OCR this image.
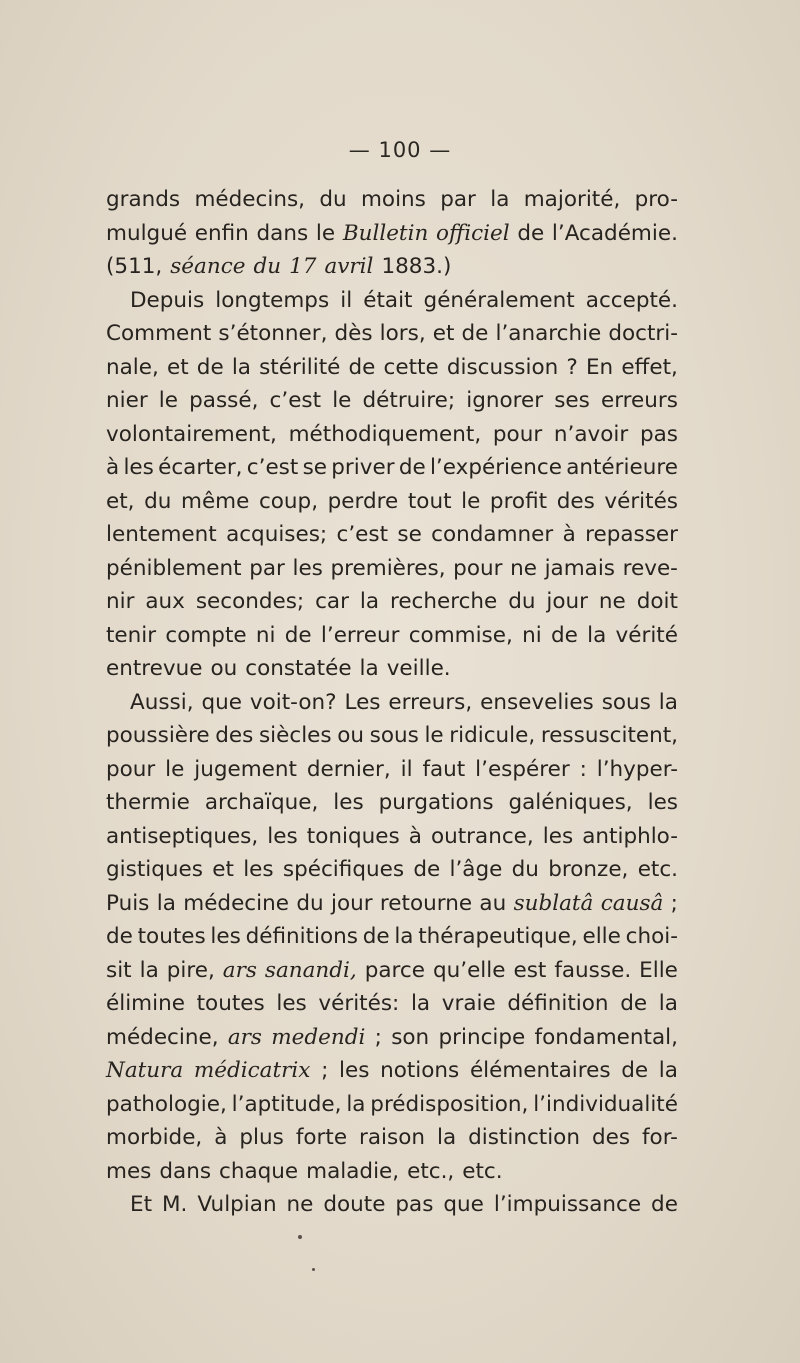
— 100 —
grands médecins, du moins par la majorité, pro-
mulgué enfin dans le Bulletin officiel de l’Académie.
(511, séance du 17 avril 1883.)
Depuis longtemps il était généralement accepté.
Comment s’étonner, dès lors, et de l’anarchie doctri-
nale, et de la stérilité de cette discussion ? En effet,
nier le passé, c’est le détruire; ignorer ses erreurs
volontairement, méthodiquement, pour n’avoir pas
à les écarter, c’est se priver de l’expérience antérieure
et, du même coup, perdre tout le profit des vérités
lentement acquises; c’est se condamner à repasser
péniblement par les premières, pour ne jamais reve-
nir aux secondes; car la recherche du jour ne doit
tenir compte ni de l’erreur commise, ni de la vérité
entrevue ou constatée la veille.
Aussi, que voit-on? Les erreurs, ensevelies sous la
poussière des siècles ou sous le ridicule, ressuscitent,
pour le jugement dernier, il faut l’espérer : l’hyper-
thermie archaïque, les purgations galéniques, les
antiseptiques, les toniques à outrance, les antiphlo-
gistiques et les spécifiques de l’âge du bronze, etc.
Puis la médecine du jour retourne au sublatâ causâ ;
de toutes les définitions de la thérapeutique, elle choi-
sit la pire, ars sanandi, parce qu’elle est fausse. Elle
élimine toutes les vérités: la vraie définition de la
médecine, ars medendi ; son principe fondamental,
Natura médicatrix ; les notions élémentaires de la
pathologie, l’aptitude, la prédisposition, l’individualité
morbide, à plus forte raison la distinction des for-
mes dans chaque maladie, etc., etc.
Et M. Vulpian ne doute pas que l’impuissance de
